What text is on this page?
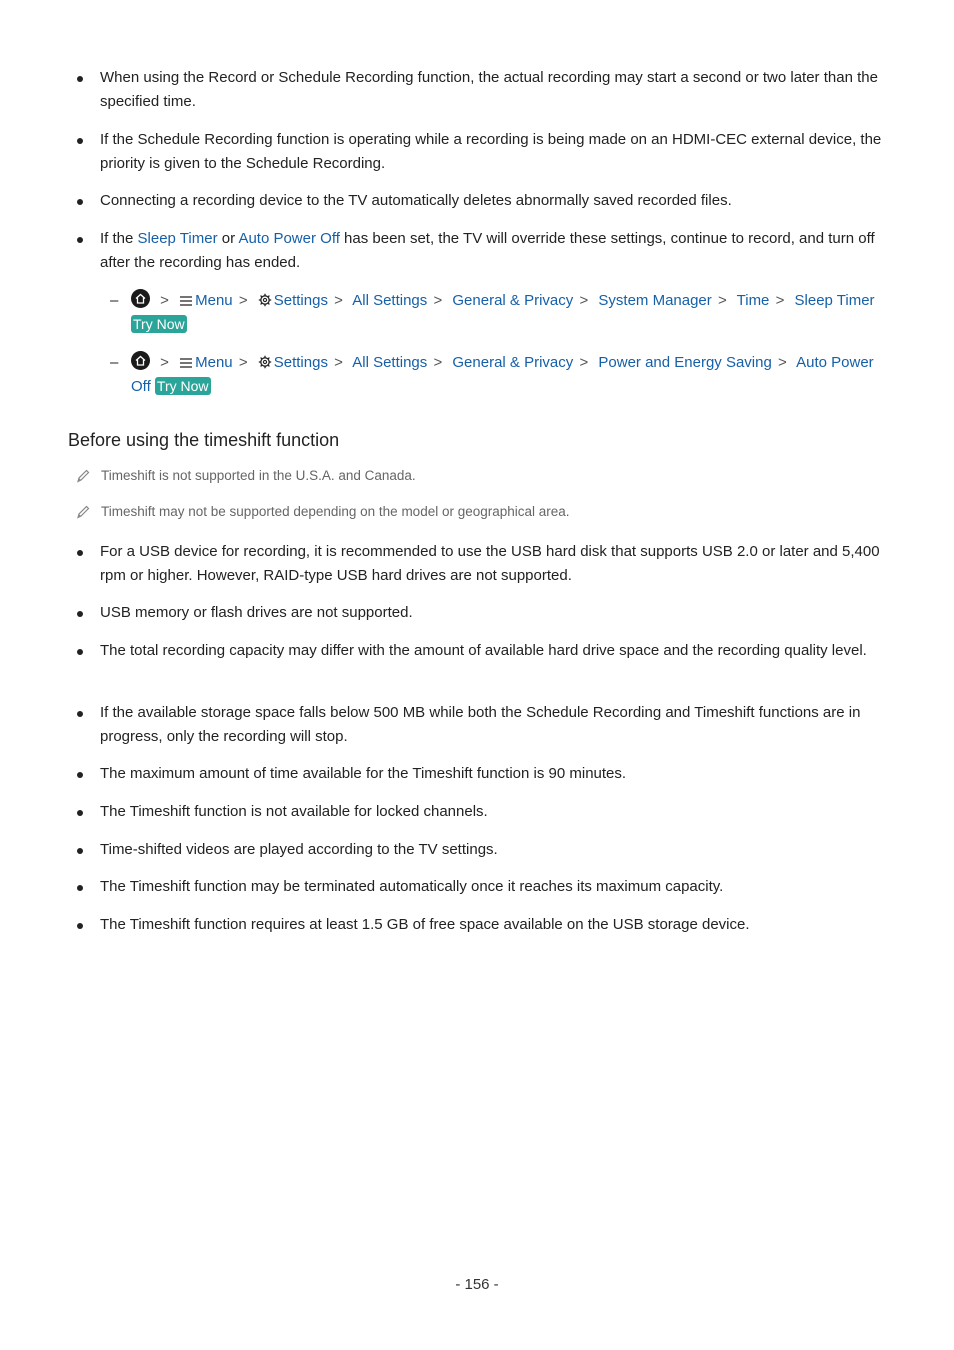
When using the Record or Schedule Recording function, the actual recording may start a second or two later than the specified time.
If the Schedule Recording function is operating while a recording is being made on an HDMI-CEC external device, the priority is given to the Schedule Recording.
Connecting a recording device to the TV automatically deletes abnormally saved recorded files.
If the Sleep Timer or Auto Power Off has been set, the TV will override these settings, continue to record, and turn off after the recording has ended.
–	> Menu > Settings > All Settings > General & Privacy > System Manager > Time > Sleep Timer Try Now
–	> Menu > Settings > All Settings > General & Privacy > Power and Energy Saving > Auto Power Off Try Now
Before using the timeshift function
Timeshift is not supported in the U.S.A. and Canada.
Timeshift may not be supported depending on the model or geographical area.
For a USB device for recording, it is recommended to use the USB hard disk that supports USB 2.0 or later and 5,400 rpm or higher. However, RAID-type USB hard drives are not supported.
USB memory or flash drives are not supported.
The total recording capacity may differ with the amount of available hard drive space and the recording quality level.
If the available storage space falls below 500 MB while both the Schedule Recording and Timeshift functions are in progress, only the recording will stop.
The maximum amount of time available for the Timeshift function is 90 minutes.
The Timeshift function is not available for locked channels.
Time-shifted videos are played according to the TV settings.
The Timeshift function may be terminated automatically once it reaches its maximum capacity.
The Timeshift function requires at least 1.5 GB of free space available on the USB storage device.
- 156 -
